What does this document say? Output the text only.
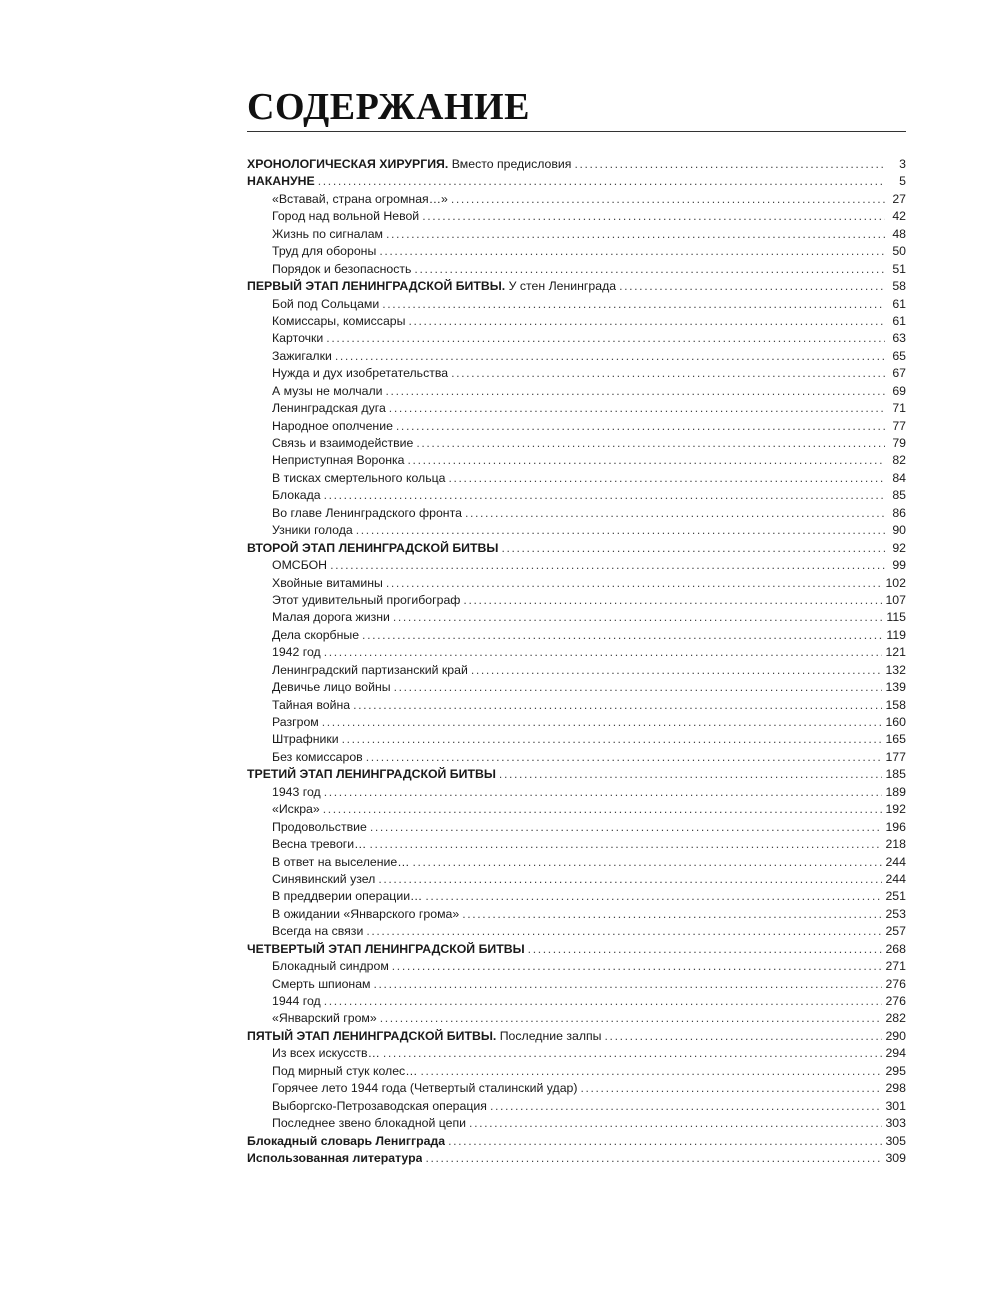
СОДЕРЖАНИЕ
ХРОНОЛОГИЧЕСКАЯ ХИРУРГИЯ. Вместо предисловия .....	3
НАКАНУНЕ .....	5
«Вставай, страна огромная…» .....	27
Город над вольной Невой .....	42
Жизнь по сигналам .....	48
Труд для обороны .....	50
Порядок и безопасность .....	51
ПЕРВЫЙ ЭТАП ЛЕНИНГРАДСКОЙ БИТВЫ. У стен Ленинграда .....	58
Бой под Сольцами .....	61
Комиссары, комиссары .....	61
Карточки .....	63
Зажигалки .....	65
Нужда и дух изобретательства .....	67
А музы не молчали .....	69
Ленинградская дуга .....	71
Народное ополчение .....	77
Связь и взаимодействие .....	79
Неприступная Воронка .....	82
В тисках смертельного кольца .....	84
Блокада .....	85
Во главе Ленинградского фронта .....	86
Узники голода .....	90
ВТОРОЙ ЭТАП ЛЕНИНГРАДСКОЙ БИТВЫ .....	92
ОМСБОН .....	99
Хвойные витамины .....	102
Этот удивительный прогибограф .....	107
Малая дорога жизни .....	115
Дела скорбные .....	119
1942 год .....	121
Ленинградский партизанский край .....	132
Девичье лицо войны .....	139
Тайная война .....	158
Разгром .....	160
Штрафники .....	165
Без комиссаров .....	177
ТРЕТИЙ ЭТАП ЛЕНИНГРАДСКОЙ БИТВЫ .....	185
1943 год .....	189
«Искра» .....	192
Продовольствие .....	196
Весна тревоги… .....	218
В ответ на выселение… .....	244
Синявинский узел .....	244
В преддверии операции… .....	251
В ожидании «Январского грома» .....	253
Всегда на связи .....	257
ЧЕТВЕРТЫЙ ЭТАП ЛЕНИНГРАДСКОЙ БИТВЫ .....	268
Блокадный синдром .....	271
Смерть шпионам .....	276
1944 год .....	276
«Январский гром» .....	282
ПЯТЫЙ ЭТАП ЛЕНИНГРАДСКОЙ БИТВЫ. Последние залпы .....	290
Из всех искусств… .....	294
Под мирный стук колес… .....	295
Горячее лето 1944 года (Четвертый сталинский удар) .....	298
Выборгско-Петрозаводская операция .....	301
Последнее звено блокадной цепи .....	303
Блокадный словарь Ленигграда .....	305
Использованная литература .....	309
